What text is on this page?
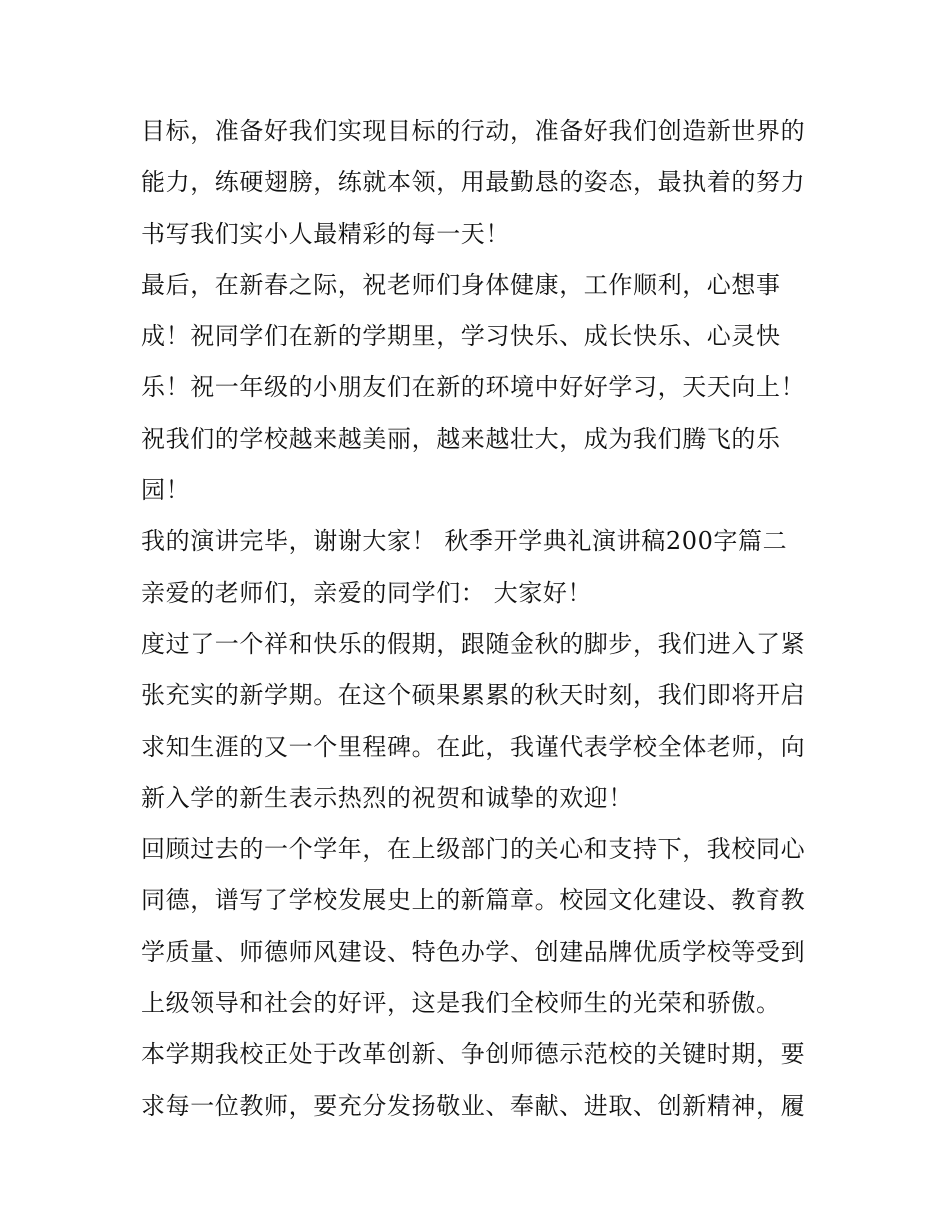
目标，准备好我们实现目标的行动，准备好我们创造新世界的
能力，练硬翅膀，练就本领，用最勤恳的姿态，最执着的努力
书写我们实小人最精彩的每一天！
最后，在新春之际，祝老师们身体健康，工作顺利，心想事
成！祝同学们在新的学期里，学习快乐、成长快乐、心灵快
乐！祝一年级的小朋友们在新的环境中好好学习，天天向上！
祝我们的学校越来越美丽，越来越壮大，成为我们腾飞的乐
园！
我的演讲完毕，谢谢大家！ 秋季开学典礼演讲稿200字篇二
亲爱的老师们，亲爱的同学们： 大家好！
度过了一个祥和快乐的假期，跟随金秋的脚步，我们进入了紧
张充实的新学期。在这个硕果累累的秋天时刻，我们即将开启
求知生涯的又一个里程碑。在此，我谨代表学校全体老师，向
新入学的新生表示热烈的祝贺和诚挚的欢迎！
回顾过去的一个学年，在上级部门的关心和支持下，我校同心
同德，谱写了学校发展史上的新篇章。校园文化建设、教育教
学质量、师德师风建设、特色办学、创建品牌优质学校等受到
上级领导和社会的好评，这是我们全校师生的光荣和骄傲。
本学期我校正处于改革创新、争创师德示范校的关键时期，要
求每一位教师，要充分发扬敬业、奉献、进取、创新精神，履
